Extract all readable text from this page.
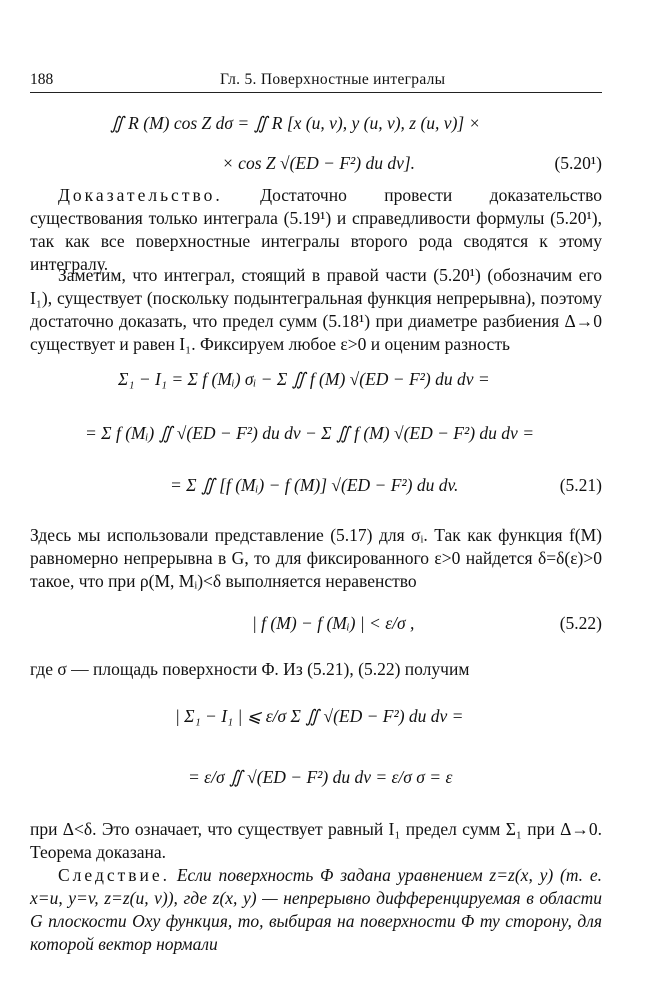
188	Гл. 5. Поверхностные интегралы
∬ R (M) cos Z dσ = ∬ R [x (u, v), y (u, v), z (u, v)] ×
× cos Z √(ED − F²) du dv].	(5.20¹)
Доказательство. Достаточно провести доказательство существования только интеграла (5.19¹) и справедливости формулы (5.20¹), так как все поверхностные интегралы второго рода сводятся к этому интегралу.
Заметим, что интеграл, стоящий в правой части (5.20¹) (обозначим его I₁), существует (поскольку подынтегральная функция непрерывна), поэтому достаточно доказать, что предел сумм (5.18¹) при диаметре разбиения Δ→0 существует и равен I₁. Фиксируем любое ε>0 и оценим разность
Σ₁ − I₁ = Σ f (Mᵢ) σᵢ − Σ ∬ f (M) √(ED − F²) du dv =
= Σ f (Mᵢ) ∬ √(ED − F²) du dv − Σ ∬ f (M) √(ED − F²) du dv =
= Σ ∬ [f (Mᵢ) − f (M)] √(ED − F²) du dv.	(5.21)
Здесь мы использовали представление (5.17) для σᵢ. Так как функция f(M) равномерно непрерывна в G, то для фиксированного ε>0 найдется δ=δ(ε)>0 такое, что при ρ(M, Mᵢ)<δ выполняется неравенство
| f (M) − f (Mᵢ) | < ε/σ ,	(5.22)
где σ — площадь поверхности Φ. Из (5.21), (5.22) получим
| Σ₁ − I₁ | ⩽ ε/σ Σ ∬ √(ED − F²) du dv =
= ε/σ ∬ √(ED − F²) du dv = ε/σ σ = ε
при Δ<δ. Это означает, что существует равный I₁ предел сумм Σ₁ при Δ→0. Теорема доказана.
Следствие. Если поверхность Φ задана уравнением z=z(x, y) (т. е. x=u, y=v, z=z(u, v)), где z(x, y) — непрерывно дифференцируемая в области G плоскости Oxy функция, то, выбирая на поверхности Φ ту сторону, для которой вектор нормали
